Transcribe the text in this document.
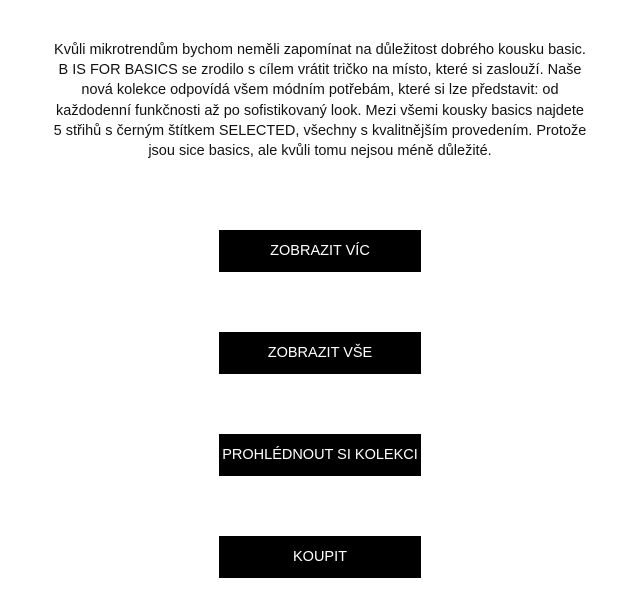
Kvůli mikrotrendům bychom neměli zapomínat na důležitost dobrého kousku basic.

B IS FOR BASICS se zrodilo s cílem vrátit tričko na místo, které si zaslouží. Naše

nová kolekce odpovídá všem módním potřebám, které si lze představit: od

každodenní funkčnosti až po sofistikovaný look. Mezi všemi kousky basics najdete

5 střihů s černým štítkem SELECTED, všechny s kvalitnějším provedením. Protože

jsou sice basics, ale kvůli tomu nejsou méně důležité.

ZOBRAZIT VÍC
ZOBRAZIT VŠE
PROHLÉDNOUT SI KOLEKCI
KOUPIT
